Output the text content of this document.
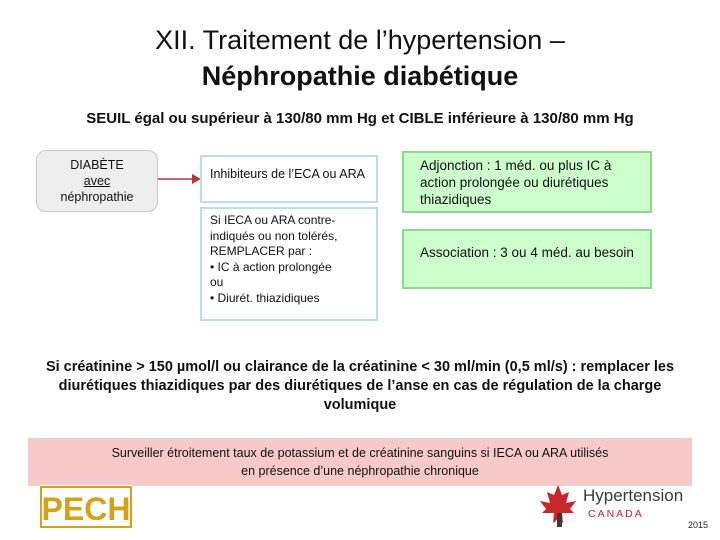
XII. Traitement de l’hypertension –
Néphropathie diabétique
SEUIL égal ou supérieur à 130/80 mm Hg et CIBLE inférieure à 130/80 mm Hg
DIABÈTE
avec
néphropathie
Inhibiteurs de l’ECA ou ARA
Si IECA ou ARA contre-
indiqués ou non tolérés,
REMPLACER par :
• IC à action prolongée
ou
• Diurét. thiazidiques
Adjonction : 1 méd. ou plus IC à action prolongée ou diurétiques thiazidiques
Association : 3 ou 4 méd. au besoin
Si créatinine > 150 µmol/l ou clairance de la créatinine < 30 ml/min (0,5 ml/s) : remplacer les diurétiques thiazidiques par des diurétiques de l’anse en cas de régulation de la charge volumique
Surveiller étroitement taux de potassium et de créatinine sanguins si IECA ou ARA utilisés
en présence d’une néphropathie chronique
PECH	Hypertension
CANADA
2015
